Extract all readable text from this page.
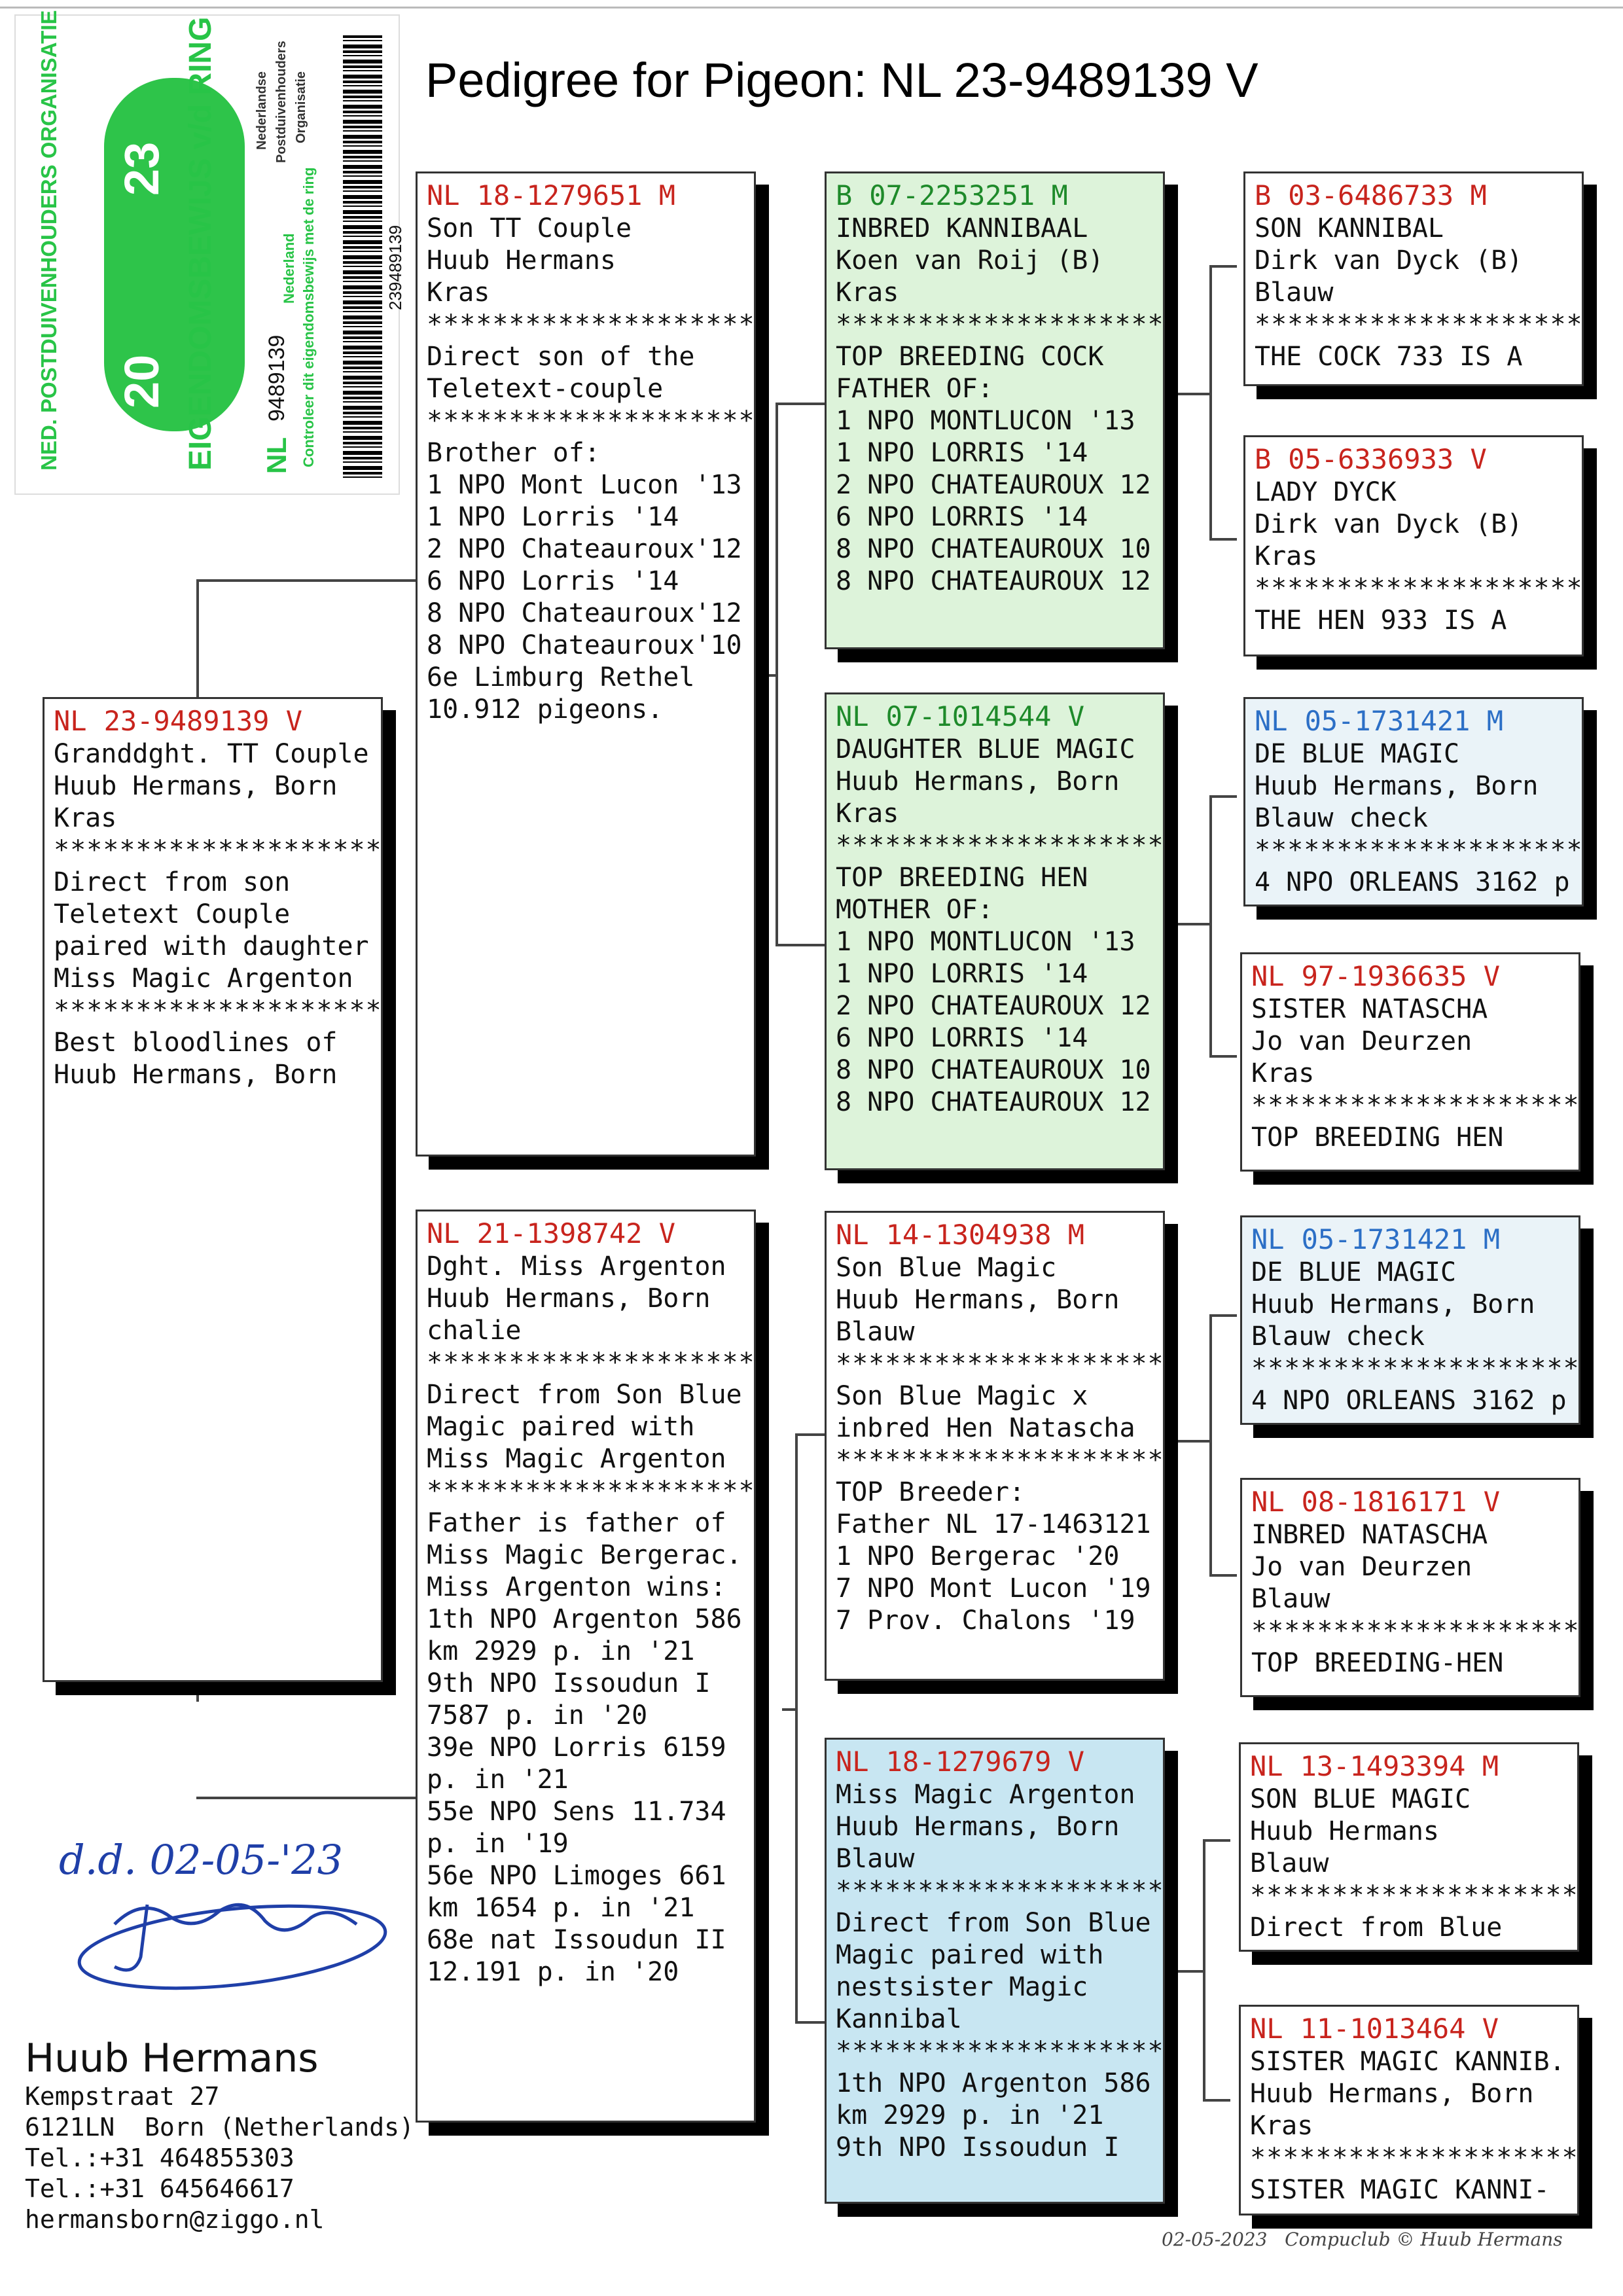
NED. POSTDUIVENHOUDERS ORGANISATIE	EIGENDOMSBEWIJS v/d RING
23
20
NL
9489139 Controleer dit eigendomsbewijs met de ring
Nederland
Nederlandse Postduivenhouders Organisatie
239489139
Pedigree for Pigeon: NL 23-9489139 V
NL 23-9489139 V
Granddght. TT Couple
Huub Hermans, Born
Kras
********************
Direct from son
Teletext Couple
paired with daughter
Miss Magic Argenton
********************
Best bloodlines of
Huub Hermans, Born
NL 18-1279651 M
Son TT Couple
Huub Hermans
Kras
********************
Direct son of the
Teletext-couple
********************
Brother of:
1 NPO Mont Lucon '13
1 NPO Lorris '14
2 NPO Chateauroux'12
6 NPO Lorris '14
8 NPO Chateauroux'12
8 NPO Chateauroux'10
6e Limburg Rethel
10.912 pigeons.
NL 21-1398742 V
Dght. Miss Argenton
Huub Hermans, Born
chalie
********************
Direct from Son Blue
Magic paired with
Miss Magic Argenton
********************
Father is father of
Miss Magic Bergerac.
Miss Argenton wins:
1th NPO Argenton 586
km 2929 p. in '21
9th NPO Issoudun I
7587 p. in '20
39e NPO Lorris 6159
p. in '21
55e NPO Sens 11.734
p. in '19
56e NPO Limoges 661
km 1654 p. in '21
68e nat Issoudun II
12.191 p. in '20
B 07-2253251 M
INBRED KANNIBAAL
Koen van Roij (B)
Kras
********************
TOP BREEDING COCK
FATHER OF:
1 NPO MONTLUCON '13
1 NPO LORRIS '14
2 NPO CHATEAUROUX 12
6 NPO LORRIS '14
8 NPO CHATEAUROUX 10
8 NPO CHATEAUROUX 12
NL 07-1014544 V
DAUGHTER BLUE MAGIC
Huub Hermans, Born
Kras
********************
TOP BREEDING HEN
MOTHER OF:
1 NPO MONTLUCON '13
1 NPO LORRIS '14
2 NPO CHATEAUROUX 12
6 NPO LORRIS '14
8 NPO CHATEAUROUX 10
8 NPO CHATEAUROUX 12
NL 14-1304938 M
Son Blue Magic
Huub Hermans, Born
Blauw
********************
Son Blue Magic x
inbred Hen Natascha
********************
TOP Breeder:
Father NL 17-1463121
1 NPO Bergerac '20
7 NPO Mont Lucon '19
7 Prov. Chalons '19
NL 18-1279679 V
Miss Magic Argenton
Huub Hermans, Born
Blauw
********************
Direct from Son Blue
Magic paired with
nestsister Magic
Kannibal
********************
1th NPO Argenton 586
km 2929 p. in '21
9th NPO Issoudun I
B 03-6486733 M
SON KANNIBAL
Dirk van Dyck (B)
Blauw
********************
THE COCK 733 IS A
B 05-6336933 V
LADY DYCK
Dirk van Dyck (B)
Kras
********************
THE HEN 933 IS A
NL 05-1731421 M
DE BLUE MAGIC
Huub Hermans, Born
Blauw check
********************
4 NPO ORLEANS 3162 p
NL 97-1936635 V
SISTER NATASCHA
Jo van Deurzen
Kras
********************
TOP BREEDING HEN
NL 05-1731421 M
DE BLUE MAGIC
Huub Hermans, Born
Blauw check
********************
4 NPO ORLEANS 3162 p
NL 08-1816171 V
INBRED NATASCHA
Jo van Deurzen
Blauw
********************
TOP BREEDING-HEN
NL 13-1493394 M
SON BLUE MAGIC
Huub Hermans
Blauw
********************
Direct from Blue
NL 11-1013464 V
SISTER MAGIC KANNIB.
Huub Hermans, Born
Kras
********************
SISTER MAGIC KANNI-
d.d. 02-05-'23
Huub Hermans
Kempstraat 27
6121LN  Born (Netherlands)
Tel.:+31 464855303
Tel.:+31 645646617
hermansborn@ziggo.nl
02-05-2023   Compuclub © Huub Hermans
